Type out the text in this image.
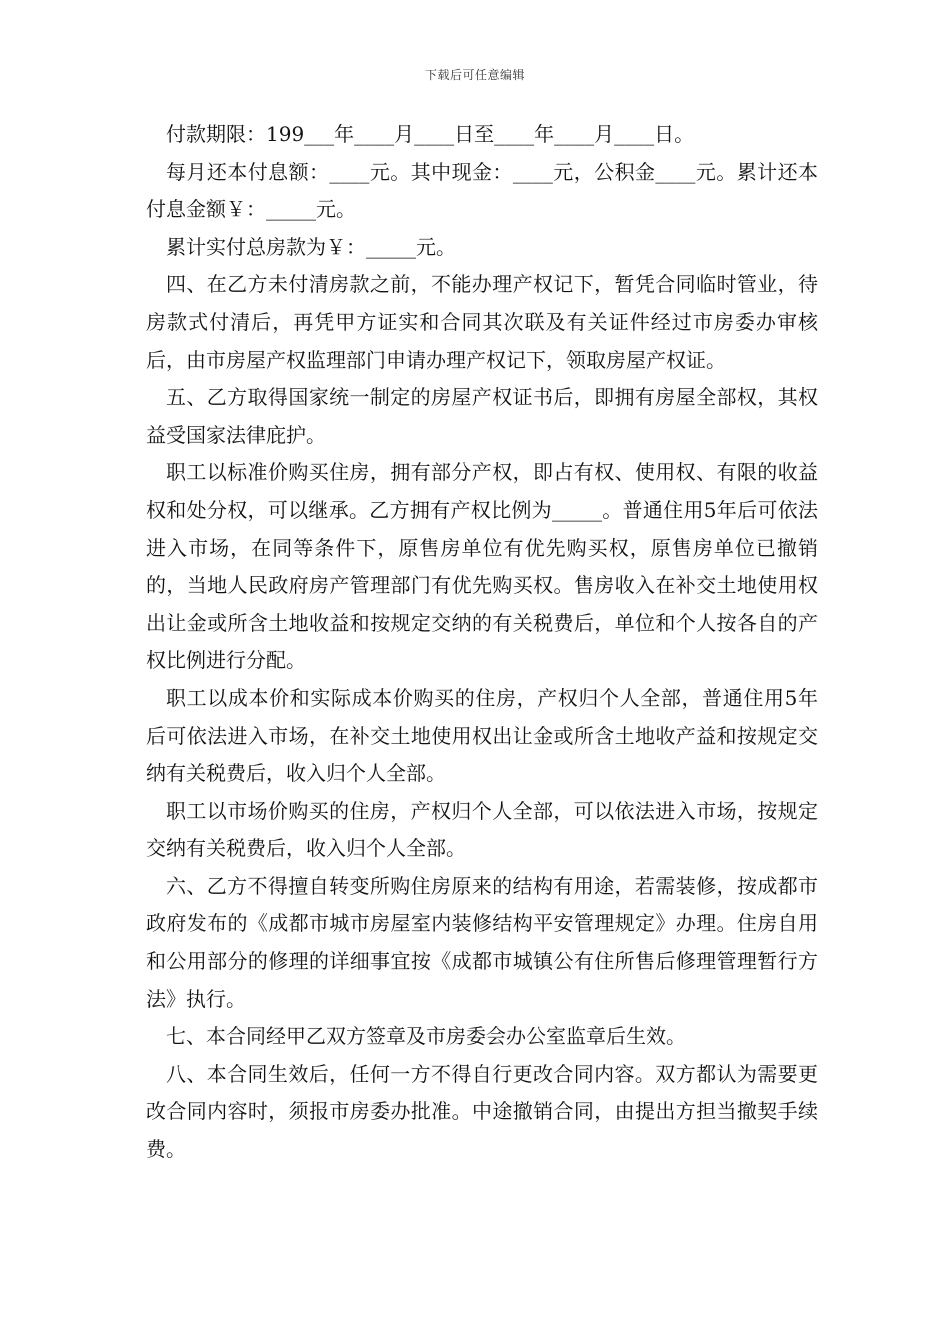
下载后可任意编辑

付款期限：199___年____月____日至____年____月____日。

每月还本付息额：____元。其中现金：____元，公积金____元。累计还本付息金额￥：_____元。

累计实付总房款为￥：_____元。

四、在乙方未付清房款之前，不能办理产权记下，暂凭合同临时管业，待房款式付清后，再凭甲方证实和合同其次联及有关证件经过市房委办审核后，由市房屋产权监理部门申请办理产权记下，领取房屋产权证。

五、乙方取得国家统一制定的房屋产权证书后，即拥有房屋全部权，其权益受国家法律庇护。

职工以标准价购买住房，拥有部分产权，即占有权、使用权、有限的收益权和处分权，可以继承。乙方拥有产权比例为_____。普通住用5年后可依法进入市场，在同等条件下，原售房单位有优先购买权，原售房单位已撤销的，当地人民政府房产管理部门有优先购买权。售房收入在补交土地使用权出让金或所含土地收益和按规定交纳的有关税费后，单位和个人按各自的产权比例进行分配。

职工以成本价和实际成本价购买的住房，产权归个人全部，普通住用5年后可依法进入市场，在补交土地使用权出让金或所含土地收产益和按规定交纳有关税费后，收入归个人全部。

职工以市场价购买的住房，产权归个人全部，可以依法进入市场，按规定交纳有关税费后，收入归个人全部。

六、乙方不得擅自转变所购住房原来的结构有用途，若需装修，按成都市政府发布的《成都市城市房屋室内装修结构平安管理规定》办理。住房自用和公用部分的修理的详细事宜按《成都市城镇公有住所售后修理管理暂行方法》执行。

七、本合同经甲乙双方签章及市房委会办公室监章后生效。

八、本合同生效后，任何一方不得自行更改合同内容。双方都认为需要更改合同内容时，须报市房委办批准。中途撤销合同，由提出方担当撤契手续费。
